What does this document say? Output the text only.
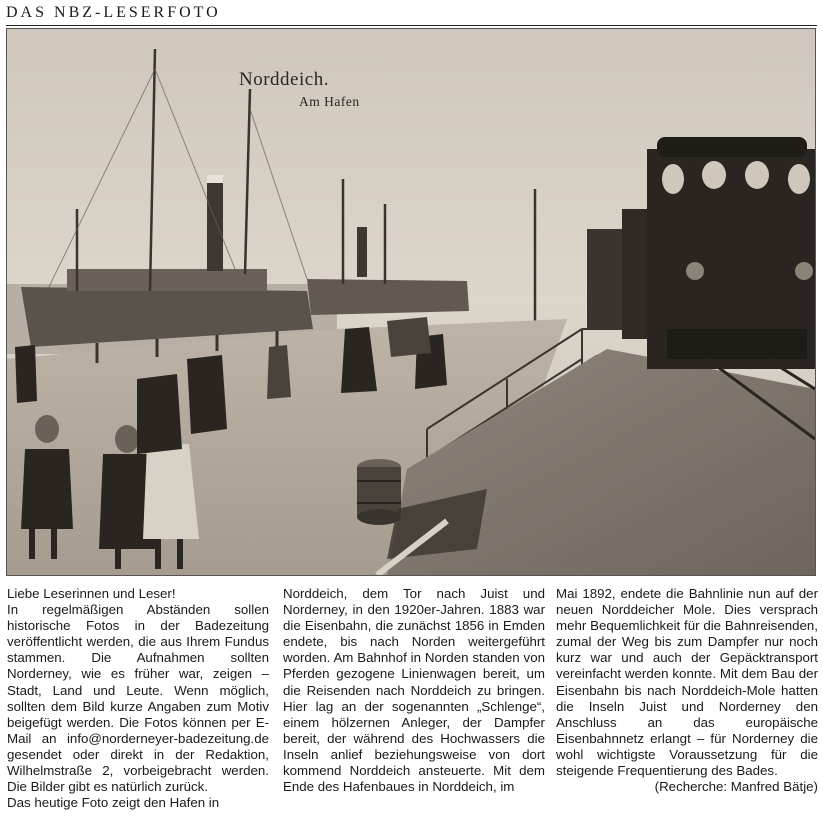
DAS NBZ-LESERFOTO
Norddeich.
Am Hafen

Liebe Leserinnen und Leser!

In regelmäßigen Abständen sollen historische Fotos in der Badezeitung veröffentlicht werden, die aus Ihrem Fundus stammen. Die Aufnahmen sollten Norderney, wie es früher war, zeigen – Stadt, Land und Leute. Wenn möglich, sollten dem Bild kurze Angaben zum Motiv beigefügt werden. Die Fotos können per E-Mail an info@norderneyer-badezeitung.de gesendet oder direkt in der Redaktion, Wilhelmstraße 2, vorbeigebracht werden. Die Bilder gibt es natürlich zurück.

Das heutige Foto zeigt den Hafen in

Norddeich, dem Tor nach Juist und Norderney, in den 1920er-Jahren. 1883 war die Eisenbahn, die zunächst 1856 in Emden endete, bis nach Norden weitergeführt worden. Am Bahnhof in Norden standen von Pferden gezogene Linienwagen bereit, um die Reisenden nach Norddeich zu bringen. Hier lag an der sogenannten „Schlenge“, einem hölzernen Anleger, der Dampfer bereit, der während des Hochwassers die Inseln anlief beziehungsweise von dort kommend Norddeich ansteuerte. Mit dem Ende des Hafenbaues in Norddeich, im

Mai 1892, endete die Bahnlinie nun auf der neuen Norddeicher Mole. Dies versprach mehr Bequemlichkeit für die Bahnreisenden, zumal der Weg bis zum Dampfer nur noch kurz war und auch der Gepäcktransport vereinfacht werden konnte. Mit dem Bau der Eisenbahn bis nach Norddeich-Mole hatten die Inseln Juist und Norderney den Anschluss an das europäische Eisenbahnnetz erlangt – für Norderney die wohl wichtigste Voraussetzung für die steigende Frequentierung des Bades.

(Recherche: Manfred Bätje)
